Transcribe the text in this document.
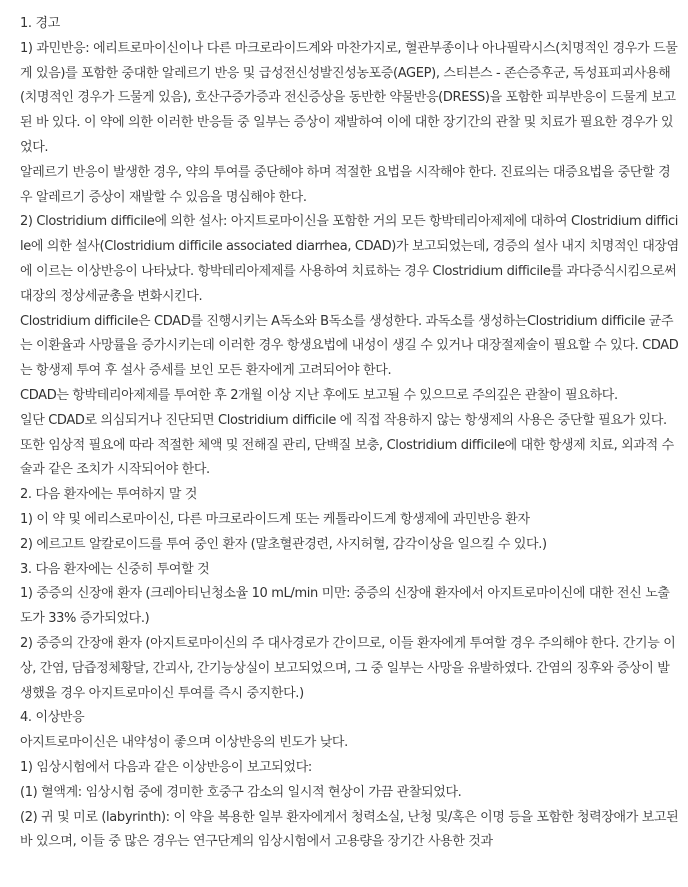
1. 경고

1) 과민반응: 에리트로마이신이나 다른 마크로라이드계와 마찬가지로, 혈관부종이나 아나필락시스(치명적인 경우가 드물게 있음)를 포함한 중대한 알레르기 반응 및 급성전신성발진성농포증(AGEP), 스티븐스 - 존슨증후군, 독성표피괴사용해 (치명적인 경우가 드물게 있음), 호산구증가증과 전신증상을 동반한 약물반응(DRESS)을 포함한 피부반응이 드물게 보고된 바 있다. 이 약에 의한 이러한 반응들 중 일부는 증상이 재발하여 이에 대한 장기간의 관찰 및 치료가 필요한 경우가 있었다.

알레르기 반응이 발생한 경우, 약의 투여를 중단해야 하며 적절한 요법을 시작해야 한다. 진료의는 대증요법을 중단할 경우 알레르기 증상이 재발할 수 있음을 명심해야 한다.

2) Clostridium difficile에 의한 설사: 아지트로마이신을 포함한 거의 모든 항박테리아제제에 대하여 Clostridium difficile에 의한 설사(Clostridium difficile associated diarrhea, CDAD)가 보고되었는데, 경증의 설사 내지 치명적인 대장염에 이르는 이상반응이 나타났다. 항박테리아제제를 사용하여 치료하는 경우 Clostridium difficile를 과다증식시킴으로써 대장의 정상세균총을 변화시킨다.

Clostridium difficile은 CDAD를 진행시키는 A독소와 B독소를 생성한다. 과독소를 생성하는Clostridium difficile 균주는 이환율과 사망률을 증가시키는데 이러한 경우 항생요법에 내성이 생길 수 있거나 대장절제술이 필요할 수 있다. CDAD는 항생제 투여 후 설사 증세를 보인 모든 환자에게 고려되어야 한다.

CDAD는 항박테리아제제를 투여한 후 2개월 이상 지난 후에도 보고될 수 있으므로 주의깊은 관찰이 필요하다.

일단 CDAD로 의심되거나 진단되면 Clostridium difficile 에 직접 작용하지 않는 항생제의 사용은 중단할 필요가 있다. 또한 임상적 필요에 따라 적절한 체액 및 전해질 관리, 단백질 보충, Clostridium difficile에 대한 항생제 치료, 외과적 수술과 같은 조치가 시작되어야 한다.

2. 다음 환자에는 투여하지 말 것

1) 이 약 및 에리스로마이신, 다른 마크로라이드계 또는 케톨라이드계 항생제에 과민반응 환자

2) 에르고트 알칼로이드를 투여 중인 환자 (말초혈관경련, 사지허혈, 감각이상을 일으킬 수 있다.)

3. 다음 환자에는 신중히 투여할 것

1) 중증의 신장애 환자 (크레아티닌청소율 10 mL/min 미만: 중증의 신장애 환자에서 아지트로마이신에 대한 전신 노출도가 33% 증가되었다.)

2) 중증의 간장애 환자 (아지트로마이신의 주 대사경로가 간이므로, 이들 환자에게 투여할 경우 주의해야 한다. 간기능 이상, 간염, 담즙정체황달, 간괴사, 간기능상실이 보고되었으며, 그 중 일부는 사망을 유발하였다. 간염의 징후와 증상이 발생했을 경우 아지트로마이신 투여를 즉시 중지한다.)

4. 이상반응

아지트로마이신은 내약성이 좋으며 이상반응의 빈도가 낮다.

1) 임상시험에서 다음과 같은 이상반응이 보고되었다:

(1) 혈액계: 임상시험 중에 경미한 호중구 감소의 일시적 현상이 가끔 관찰되었다.

(2) 귀 및 미로 (labyrinth): 이 약을 복용한 일부 환자에게서 청력소실, 난청 및/혹은 이명 등을 포함한 청력장애가 보고된 바 있으며, 이들 중 많은 경우는 연구단계의 임상시험에서 고용량을 장기간 사용한 것과
